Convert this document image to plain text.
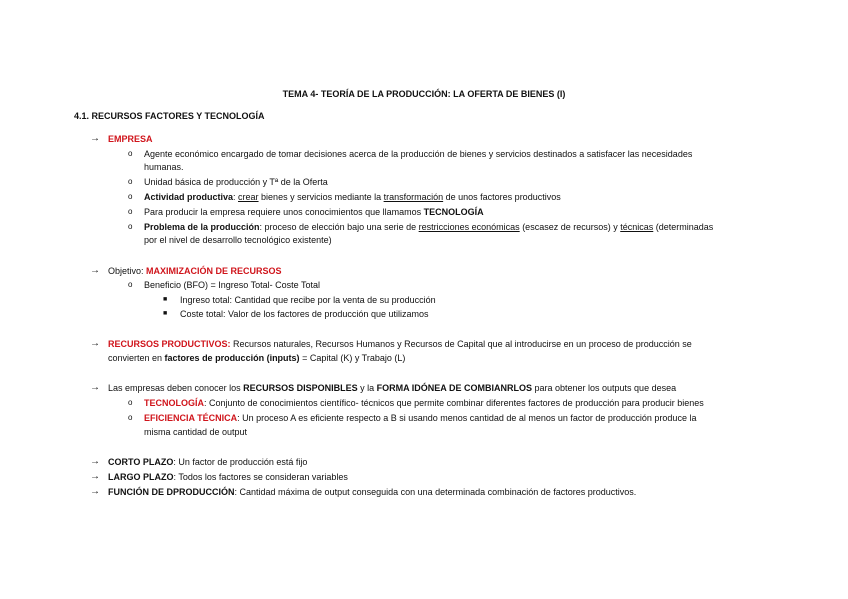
TEMA 4- TEORÍA DE LA PRODUCCIÓN: LA OFERTA DE BIENES (I)
4.1. RECURSOS FACTORES Y TECNOLOGÍA
→ EMPRESA
o Agente económico encargado de tomar decisiones acerca de la producción de bienes y servicios destinados a satisfacer las necesidades
humanas.
o Unidad básica de producción y Tª de la Oferta
o Actividad productiva: crear bienes y servicios mediante la transformación de unos factores productivos
o Para producir la empresa requiere unos conocimientos que llamamos TECNOLOGÍA
o Problema de la producción: proceso de elección bajo una serie de restricciones económicas (escasez de recursos) y técnicas (determinadas
por el nivel de desarrollo tecnológico existente)
→ Objetivo: MAXIMIZACIÓN DE RECURSOS
o Beneficio (BFO) = Ingreso Total- Coste Total
■ Ingreso total: Cantidad que recibe por la venta de su producción
■ Coste total: Valor de los factores de producción que utilizamos
→ RECURSOS PRODUCTIVOS: Recursos naturales, Recursos Humanos y Recursos de Capital que al introducirse en un proceso de producción se
convierten en factores de producción (inputs) = Capital (K) y Trabajo (L)
→ Las empresas deben conocer los RECURSOS DISPONIBLES y la FORMA IDÓNEA DE COMBIANRLOS para obtener los outputs que desea
o TECNOLOGÍA: Conjunto de conocimientos científico- técnicos que permite combinar diferentes factores de producción para producir bienes
o EFICIENCIA TÉCNICA: Un proceso A es eficiente respecto a B si usando menos cantidad de al menos un factor de producción produce la
misma cantidad de output
→ CORTO PLAZO: Un factor de producción está fijo
→ LARGO PLAZO: Todos los factores se consideran variables
→ FUNCIÓN DE DPRODUCCIÓN: Cantidad máxima de output conseguida con una determinada combinación de factores productivos.
